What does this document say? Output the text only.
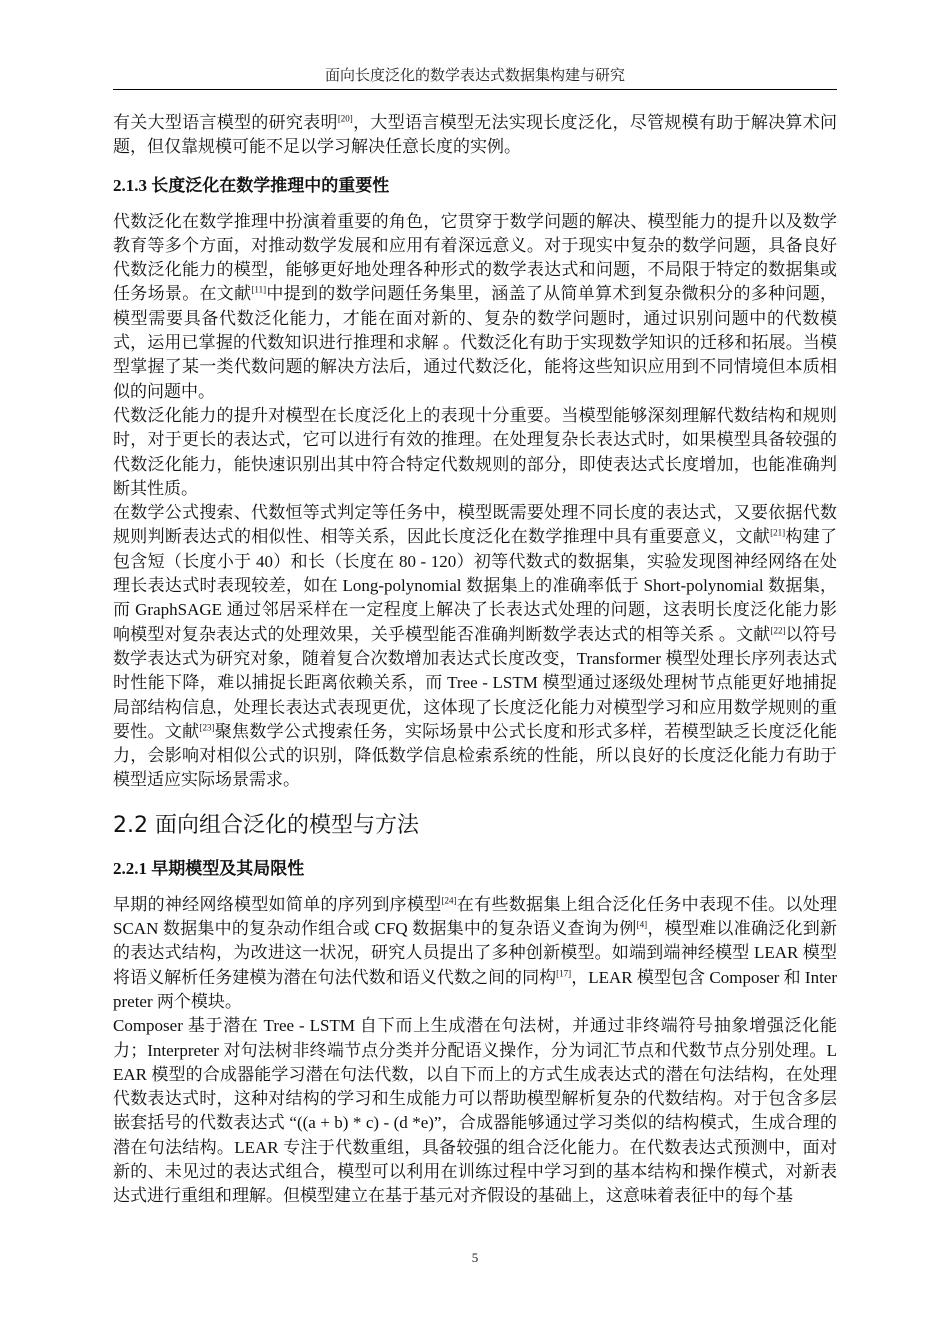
面向长度泛化的数学表达式数据集构建与研究

有关大型语言模型的研究表明[20]，大型语言模型无法实现长度泛化，尽管规模有助于解决算术问题，但仅靠规模可能不足以学习解决任意长度的实例。

2.1.3 长度泛化在数学推理中的重要性

代数泛化在数学推理中扮演着重要的角色，它贯穿于数学问题的解决、模型能力的提升以及数学教育等多个方面，对推动数学发展和应用有着深远意义。对于现实中复杂的数学问题，具备良好代数泛化能力的模型，能够更好地处理各种形式的数学表达式和问题，不局限于特定的数据集或任务场景。在文献[11]中提到的数学问题任务集里，涵盖了从简单算术到复杂微积分的多种问题，模型需要具备代数泛化能力，才能在面对新的、复杂的数学问题时，通过识别问题中的代数模式，运用已掌握的代数知识进行推理和求解 。代数泛化有助于实现数学知识的迁移和拓展。当模型掌握了某一类代数问题的解决方法后，通过代数泛化，能将这些知识应用到不同情境但本质相似的问题中。

代数泛化能力的提升对模型在长度泛化上的表现十分重要。当模型能够深刻理解代数结构和规则时，对于更长的表达式，它可以进行有效的推理。在处理复杂长表达式时，如果模型具备较强的代数泛化能力，能快速识别出其中符合特定代数规则的部分，即使表达式长度增加，也能准确判断其性质。

在数学公式搜索、代数恒等式判定等任务中，模型既需要处理不同长度的表达式，又要依据代数规则判断表达式的相似性、相等关系，因此长度泛化在数学推理中具有重要意义，文献[21]构建了包含短（长度小于 40）和长（长度在 80 - 120）初等代数式的数据集，实验发现图神经网络在处理长表达式时表现较差，如在 Long-polynomial 数据集上的准确率低于 Short-polynomial 数据集，而 GraphSAGE 通过邻居采样在一定程度上解决了长表达式处理的问题，这表明长度泛化能力影响模型对复杂表达式的处理效果，关乎模型能否准确判断数学表达式的相等关系 。文献[22]以符号数学表达式为研究对象，随着复合次数增加表达式长度改变，Transformer 模型处理长序列表达式时性能下降，难以捕捉长距离依赖关系，而 Tree - LSTM 模型通过逐级处理树节点能更好地捕捉局部结构信息，处理长表达式表现更优，这体现了长度泛化能力对模型学习和应用数学规则的重要性。文献[23]聚焦数学公式搜索任务，实际场景中公式长度和形式多样，若模型缺乏长度泛化能力，会影响对相似公式的识别，降低数学信息检索系统的性能，所以良好的长度泛化能力有助于模型适应实际场景需求。

2.2 面向组合泛化的模型与方法
2.2.1 早期模型及其局限性

早期的神经网络模型如简单的序列到序模型[24]在有些数据集上组合泛化任务中表现不佳。以处理 SCAN 数据集中的复杂动作组合或 CFQ 数据集中的复杂语义查询为例[4]，模型难以准确泛化到新的表达式结构，为改进这一状况，研究人员提出了多种创新模型。如端到端神经模型 LEAR 模型将语义解析任务建模为潜在句法代数和语义代数之间的同构[17]，LEAR 模型包含 Composer 和 Interpreter 两个模块。

Composer 基于潜在 Tree - LSTM 自下而上生成潜在句法树，并通过非终端符号抽象增强泛化能力；Interpreter 对句法树非终端节点分类并分配语义操作，分为词汇节点和代数节点分别处理。LEAR 模型的合成器能学习潜在句法代数，以自下而上的方式生成表达式的潜在句法结构，在处理代数表达式时，这种对结构的学习和生成能力可以帮助模型解析复杂的代数结构。对于包含多层嵌套括号的代数表达式 “((a + b) * c) - (d *e)”，合成器能够通过学习类似的结构模式，生成合理的潜在句法结构。LEAR 专注于代数重组，具备较强的组合泛化能力。在代数表达式预测中，面对新的、未见过的表达式组合，模型可以利用在训练过程中学习到的基本结构和操作模式，对新表达式进行重组和理解。但模型建立在基于基元对齐假设的基础上，这意味着表征中的每个基

5
